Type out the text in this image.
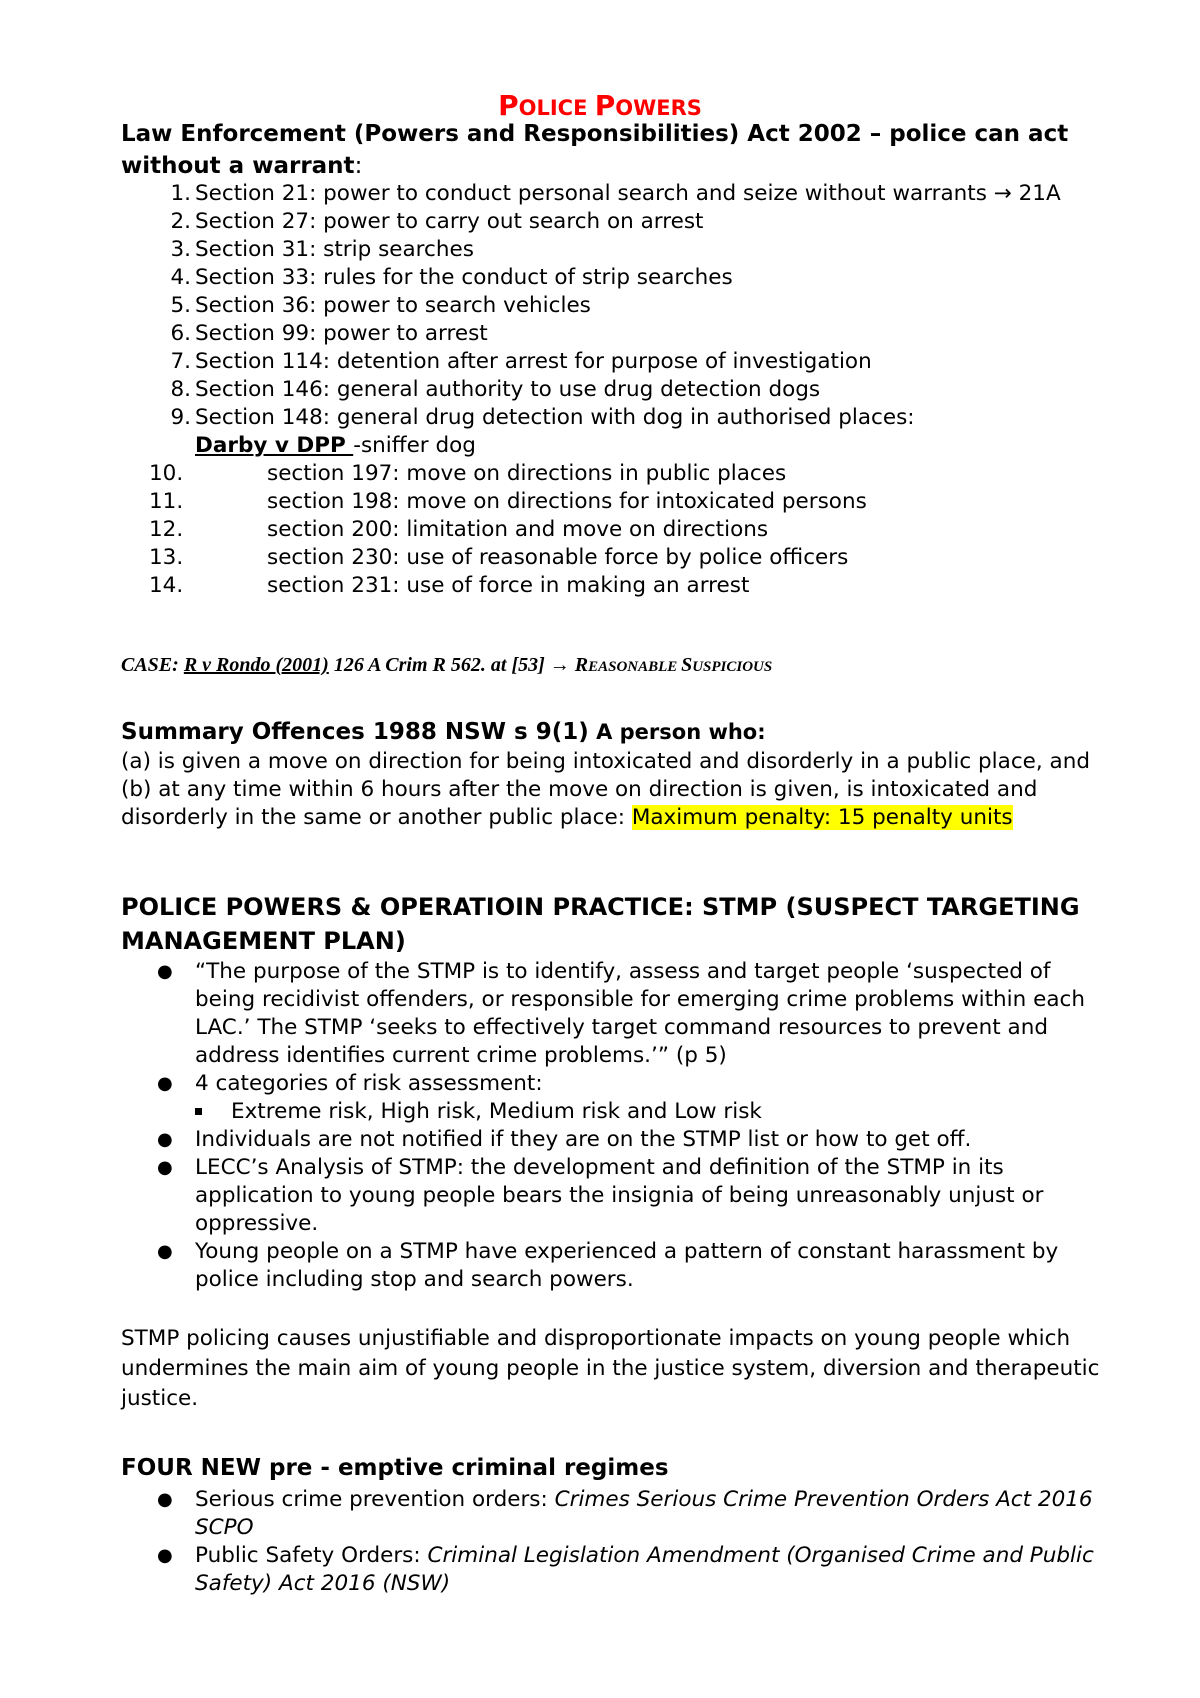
POLICE POWERS
Law Enforcement (Powers and Responsibilities) Act 2002 – police can act without a warrant:
1. Section 21: power to conduct personal search and seize without warrants → 21A
2. Section 27: power to carry out search on arrest
3. Section 31: strip searches
4. Section 33: rules for the conduct of strip searches
5. Section 36: power to search vehicles
6. Section 99: power to arrest
7. Section 114: detention after arrest for purpose of investigation
8. Section 146: general authority to use drug detection dogs
9. Section 148: general drug detection with dog in authorised places:
Darby v DPP -sniffer dog
10.	section 197: move on directions in public places
11.	section 198: move on directions for intoxicated persons
12.	section 200: limitation and move on directions
13.	section 230: use of reasonable force by police officers
14.	section 231: use of force in making an arrest
CASE: R v Rondo (2001) 126 A Crim R 562. at [53] → REASONABLE SUSPICIOUS
Summary Offences 1988 NSW s 9(1) A person who:
(a) is given a move on direction for being intoxicated and disorderly in a public place, and (b) at any time within 6 hours after the move on direction is given, is intoxicated and disorderly in the same or another public place: Maximum penalty: 15 penalty units
POLICE POWERS & OPERATIOIN PRACTICE: STMP (SUSPECT TARGETING MANAGEMENT PLAN)
● “The purpose of the STMP is to identify, assess and target people ‘suspected of being recidivist offenders, or responsible for emerging crime problems within each LAC.’ The STMP ‘seeks to effectively target command resources to prevent and address identifies current crime problems.’” (p 5)
● 4 categories of risk assessment:
Extreme risk, High risk, Medium risk and Low risk
● Individuals are not notified if they are on the STMP list or how to get off.
● LECC’s Analysis of STMP: the development and definition of the STMP in its application to young people bears the insignia of being unreasonably unjust or oppressive.
● Young people on a STMP have experienced a pattern of constant harassment by police including stop and search powers.
STMP policing causes unjustifiable and disproportionate impacts on young people which undermines the main aim of young people in the justice system, diversion and therapeutic justice.
FOUR NEW pre - emptive criminal regimes
● Serious crime prevention orders: Crimes Serious Crime Prevention Orders Act 2016 SCPO
● Public Safety Orders: Criminal Legislation Amendment (Organised Crime and Public Safety) Act 2016 (NSW)
